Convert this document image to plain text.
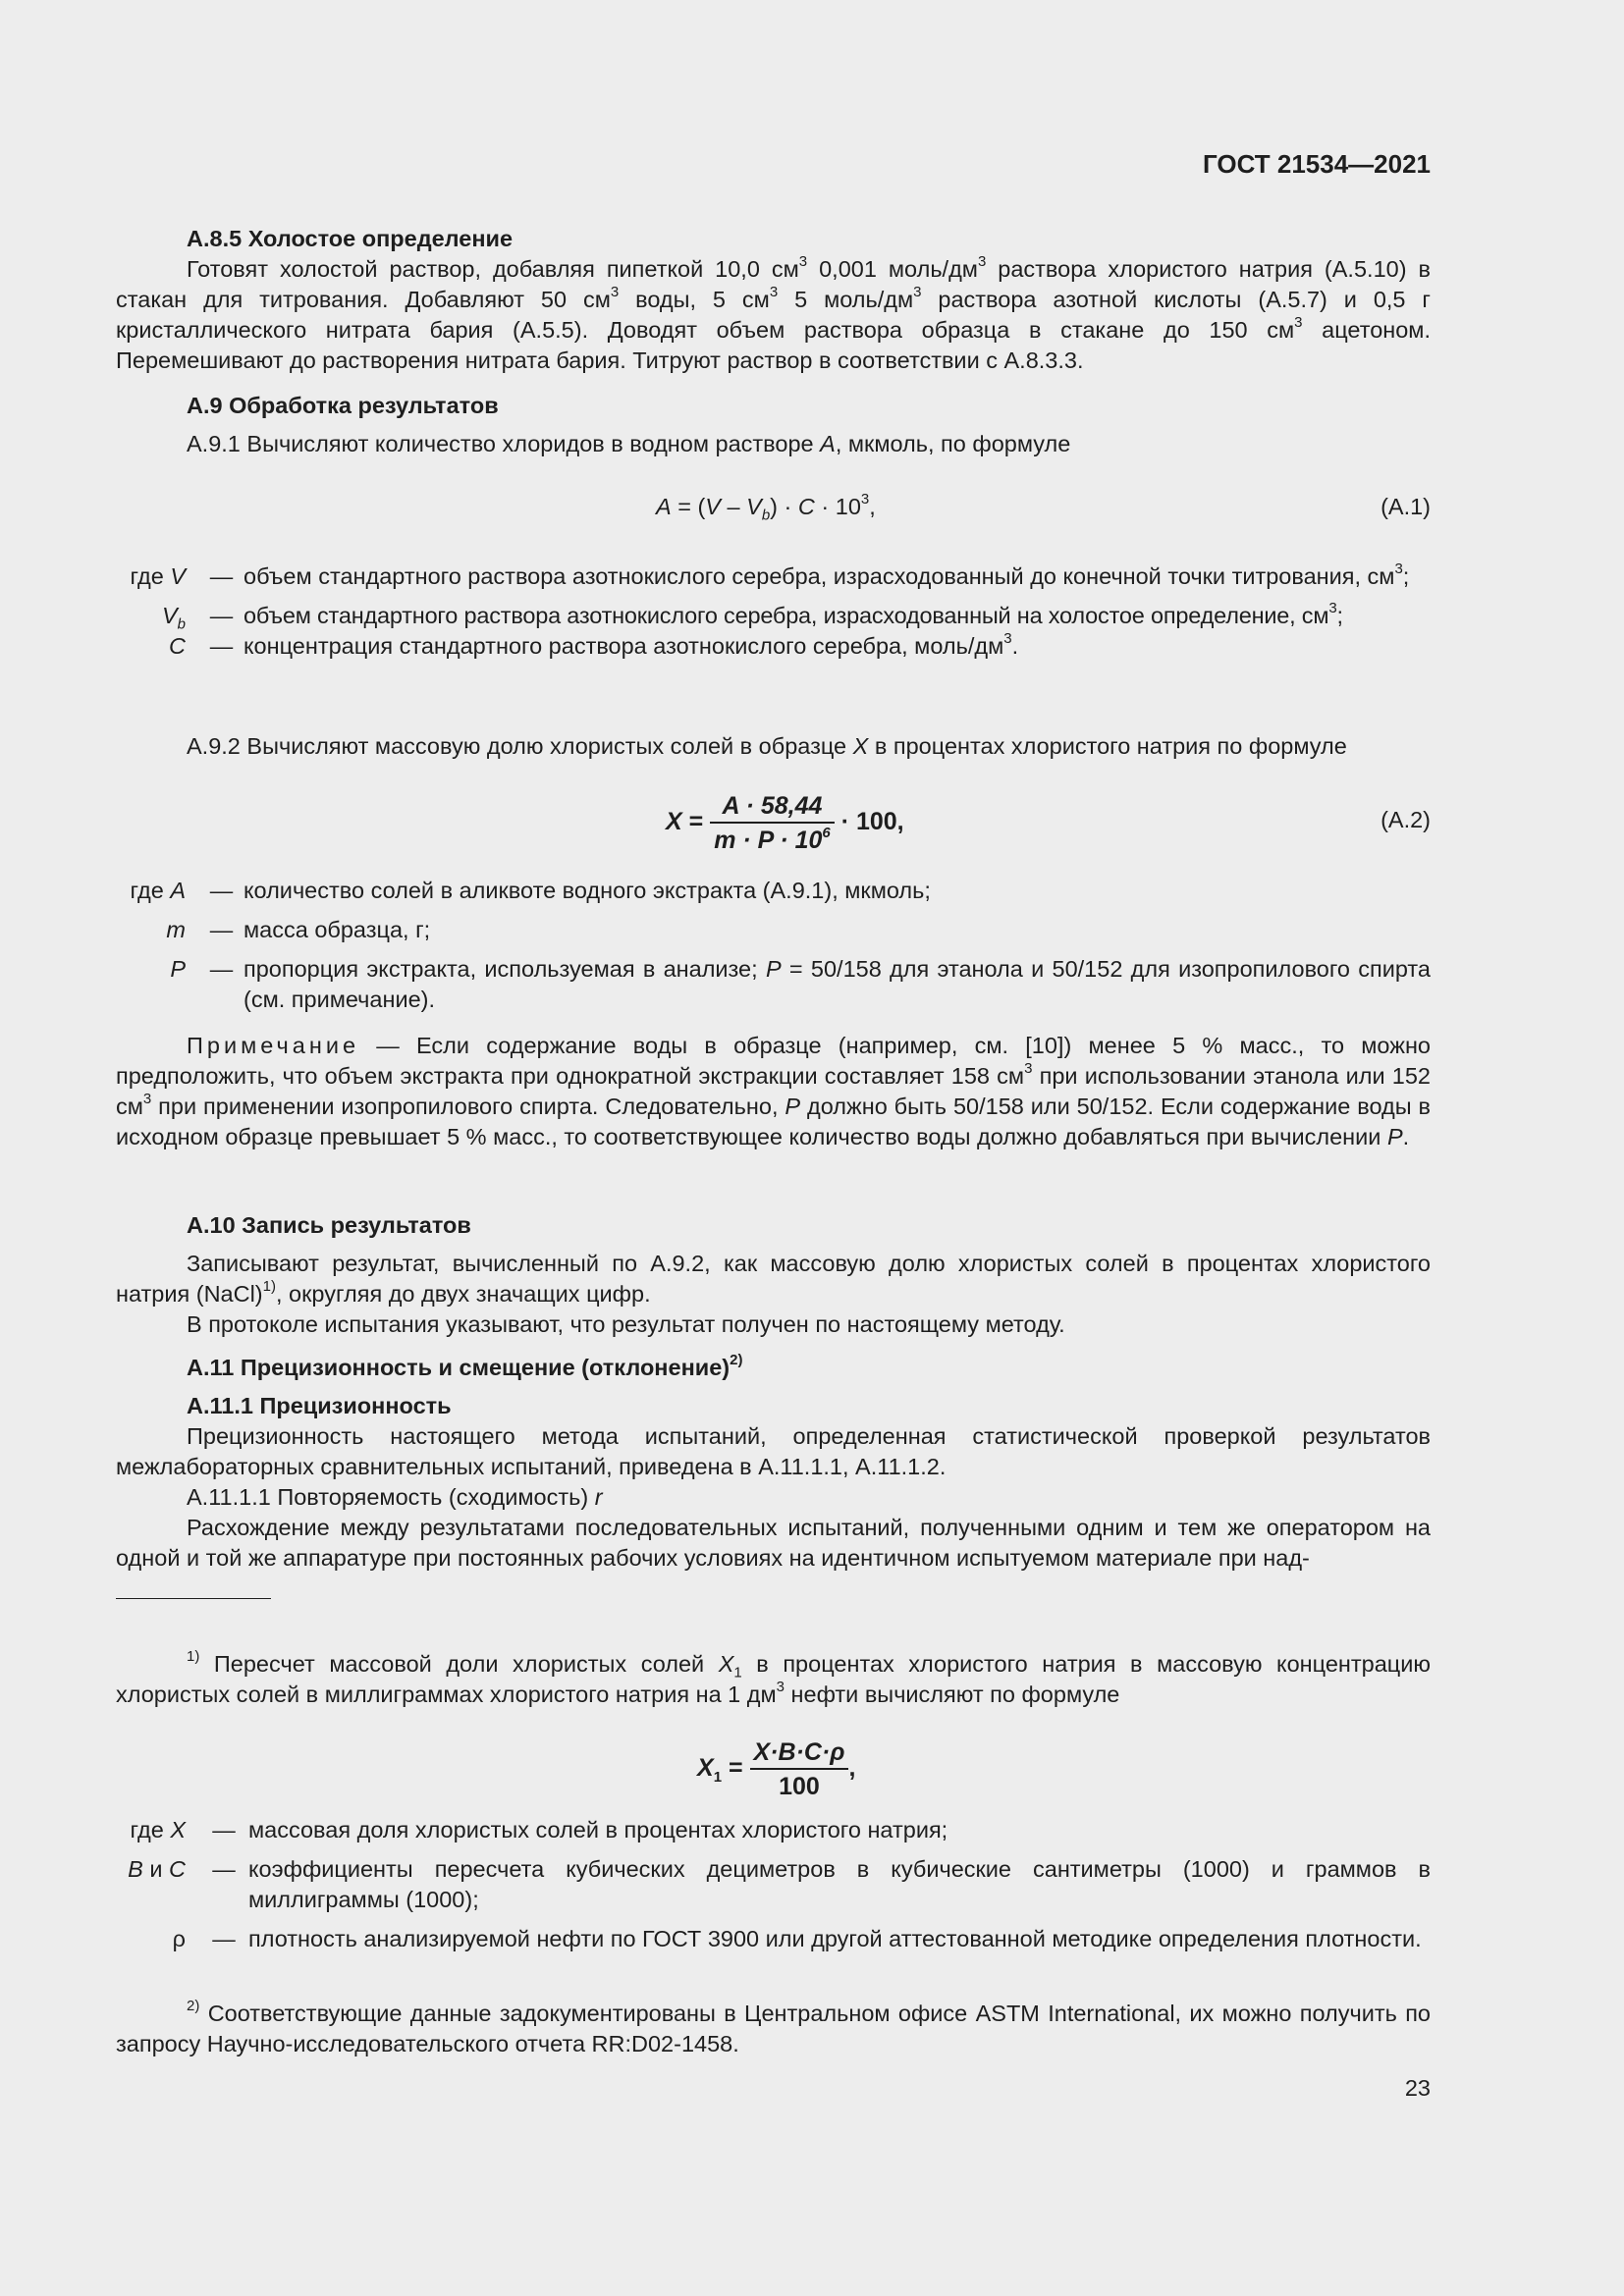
ГОСТ 21534—2021

А.8.5 Холостое определение

Готовят холостой раствор, добавляя пипеткой 10,0 $см^3$ 0,001 моль/$дм^3$ раствора хлористого натрия (А.5.10) в стакан для титрования. Добавляют 50 $см^3$ воды, 5 $см^3$ 5 моль/$дм^3$ раствора азотной кислоты (А.5.7) и 0,5 г кристаллического нитрата бария (А.5.5). Доводят объем раствора образца в стакане до 150 $см^3$ ацетоном. Перемешивают до растворения нитрата бария. Титруют раствор в соответствии с А.8.3.3.

А.9 Обработка результатов

А.9.1 Вычисляют количество хлоридов в водном растворе А, мкмоль, по формуле

$A = (V - V_b) \cdot C \cdot 10^3$,	(А.1)
где V	— объем стандартного раствора азотнокислого серебра, израсходованный до конечной точки титрования, $см^3$;
$V_b$	— объем стандартного раствора азотнокислого серебра, израсходованный на холостое определение, $см^3$;
C	— концентрация стандартного раствора азотнокислого серебра, моль/$дм^3$.

А.9.2 Вычисляют массовую долю хлористых солей в образце X в процентах хлористого натрия по формуле

$X = \frac{A \cdot 58,44}{m \cdot P \cdot 10^6} \cdot 100$,	(А.2)
где A	— количество солей в аликвоте водного экстракта (А.9.1), мкмоль;
m	— масса образца, г;
P	— пропорция экстракта, используемая в анализе; P = 50/158 для этанола и 50/152 для изопропилового спирта (см. примечание).

Примечание — Если содержание воды в образце (например, см. [10]) менее 5 % масс., то можно предположить, что объем экстракта при однократной экстракции составляет 158 $см^3$ при использовании этанола или 152 $см^3$ при применении изопропилового спирта. Следовательно, P должно быть 50/158 или 50/152. Если содержание воды в исходном образце превышает 5 % масс., то соответствующее количество воды должно добавляться при вычислении P.

А.10 Запись результатов

Записывают результат, вычисленный по А.9.2, как массовую долю хлористых солей в процентах хлористого натрия (NaCl)$^{1)}$, округляя до двух значащих цифр.

В протоколе испытания указывают, что результат получен по настоящему методу.

А.11 Прецизионность и смещение (отклонение)$^{2)}$

А.11.1 Прецизионность

Прецизионность настоящего метода испытаний, определенная статистической проверкой результатов межлабораторных сравнительных испытаний, приведена в А.11.1.1, А.11.1.2.

А.11.1.1 Повторяемость (сходимость) r

Расхождение между результатами последовательных испытаний, полученными одним и тем же оператором на одной и той же аппаратуре при постоянных рабочих условиях на идентичном испытуемом материале при над-

$^{1)}$ Пересчет массовой доли хлористых солей $X_1$ в процентах хлористого натрия в массовую концентрацию хлористых солей в миллиграммах хлористого натрия на 1 $дм^3$ нефти вычисляют по формуле

$X_1 = \frac{X\cdot B\cdot C\cdot\rho}{100}$ ,
где X	— массовая доля хлористых солей в процентах хлористого натрия;
B и C	— коэффициенты пересчета кубических дециметров в кубические сантиметры (1000) и граммов в миллиграммы (1000);
ρ	— плотность анализируемой нефти по ГОСТ 3900 или другой аттестованной методике определения плотности.

$^{2)}$ Соответствующие данные задокументированы в Центральном офисе ASTM International, их можно получить по запросу Научно-исследовательского отчета RR:D02-1458.

23
